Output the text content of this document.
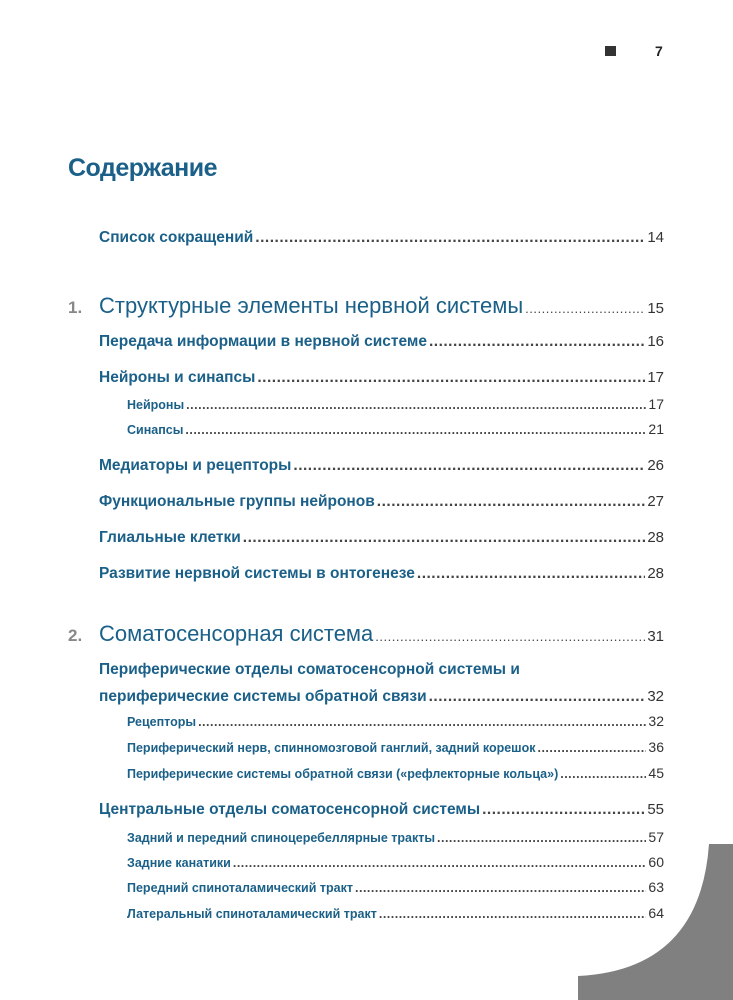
7
Содержание
Список сокращений .....	14
1. Структурные элементы нервной системы .....	15
Передача информации в нервной системе .....	16
Нейроны и синапсы .....	17
Нейроны .....	17
Синапсы .....	21
Медиаторы и рецепторы .....	26
Функциональные группы нейронов .....	27
Глиальные клетки .....	28
Развитие нервной системы в онтогенезе .....	28
2. Соматосенсорная система .....	31
Периферические отделы соматосенсорной системы и
периферические системы обратной связи .....	32
Рецепторы .....	32
Периферический нерв, спинномозговой ганглий, задний корешок .....	36
Периферические системы обратной связи («рефлекторные кольца») .....	45
Центральные отделы соматосенсорной системы .....	55
Задний и передний спиноцеребеллярные тракты .....	57
Задние канатики .....	60
Передний спиноталамический тракт .....	63
Латеральный спиноталамический тракт .....	64
